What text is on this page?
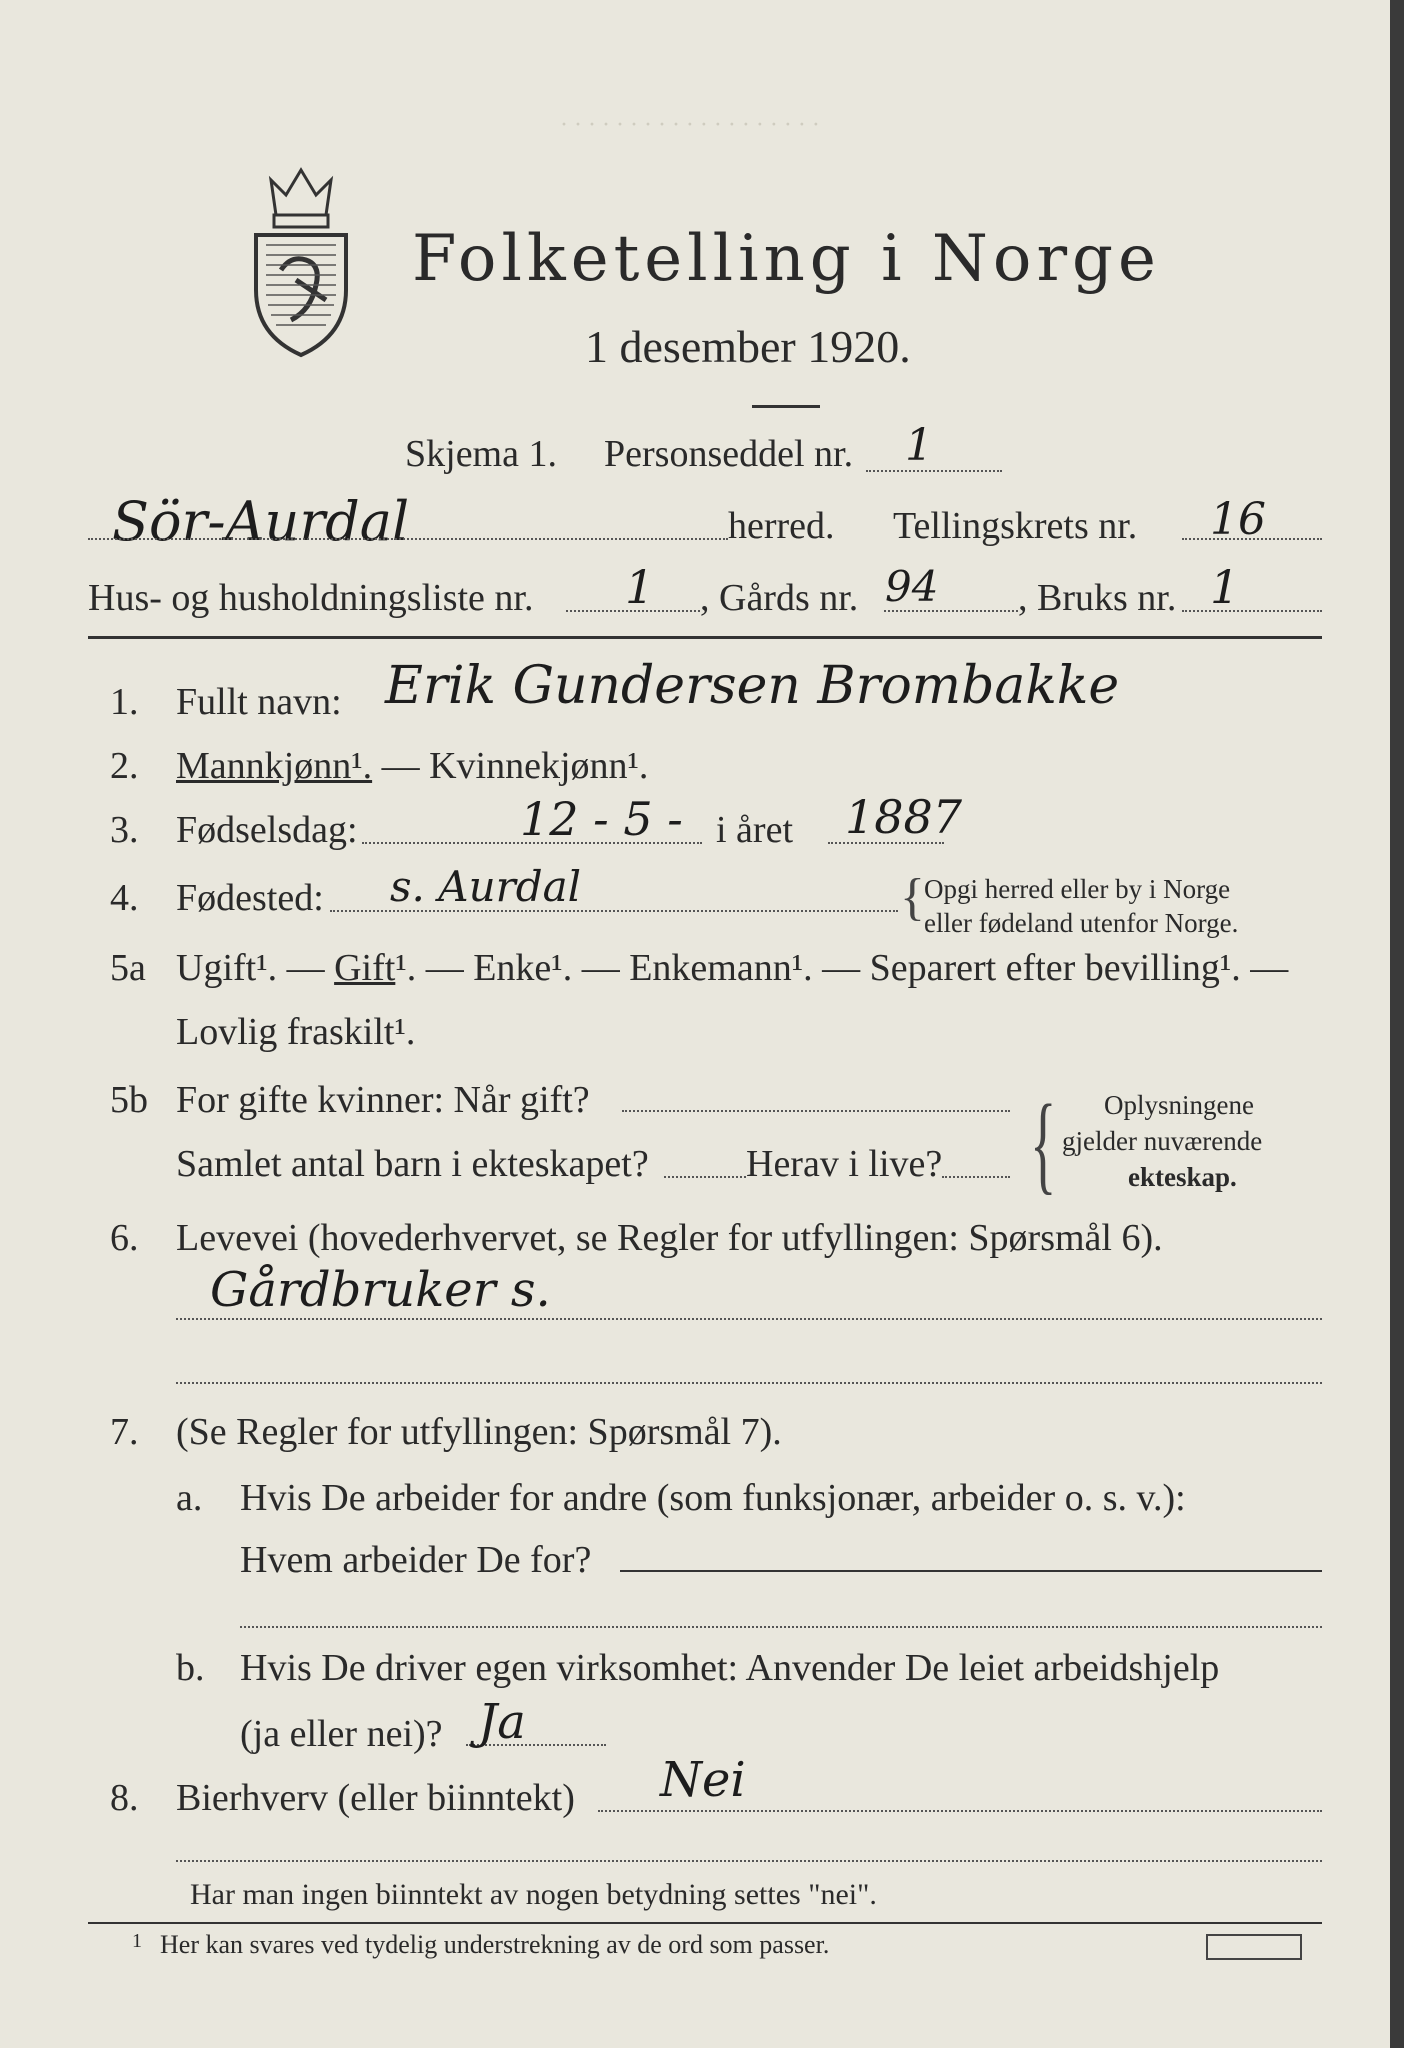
· · · · · · · · · · · · · · · · · · ·
Folketelling i Norge
1 desember 1920.
Skjema 1. Personseddel nr. 1
Sör-Aurdal	herred. Tellingskrets nr. 16
Hus- og husholdningsliste nr. 1 , Gårds nr. 94 , Bruks nr. 1
1. Fullt navn: Erik Gundersen Brombakke
2. Mannkjønn¹. — Kvinnekjønn¹.
3. Fødselsdag:	12 - 5 - i året 1887
4. Fødested: s. Aurdal	{ Opgi herred eller by i Norge
eller fødeland utenfor Norge.
5a Ugift¹. — Gift¹. — Enke¹. — Enkemann¹. — Separert efter bevilling¹. —
Lovlig fraskilt¹.
5b For gifte kvinner: Når gift?
Samlet antal barn i ekteskapet?	Herav i live? { Oplysningene
gjelder nuværende
ekteskap.
6. Levevei (hovederhvervet, se Regler for utfyllingen: Spørsmål 6).
Gårdbruker s.
7. (Se Regler for utfyllingen: Spørsmål 7).
a. Hvis De arbeider for andre (som funksjonær, arbeider o. s. v.):
Hvem arbeider De for?
b. Hvis De driver egen virksomhet: Anvender De leiet arbeidshjelp
(ja eller nei)? Ja
8. Bierhverv (eller biinntekt) Nei
Har man ingen biinntekt av nogen betydning settes "nei".
1 Her kan svares ved tydelig understrekning av de ord som passer.
